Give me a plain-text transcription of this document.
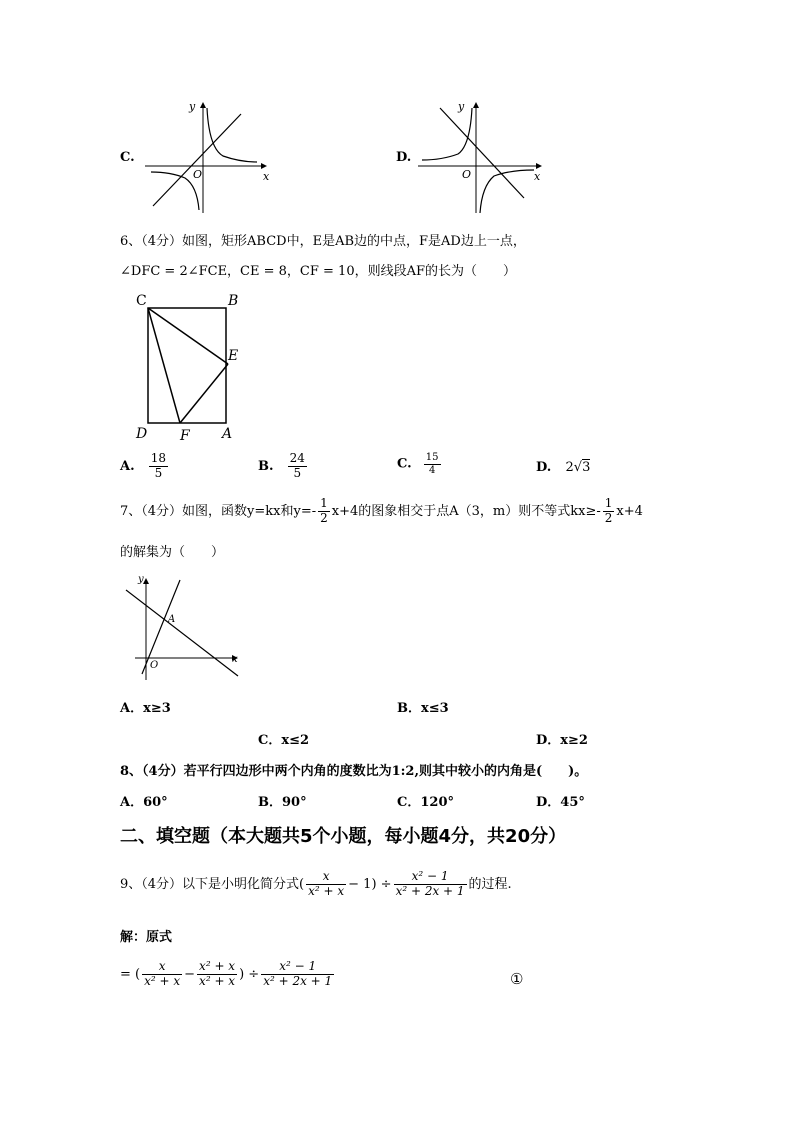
C.
y
x
O
D.
y
x
O
6、（4分）如图，矩形ABCD中，E是AB边的中点，F是AD边上一点，
∠DFC = 2∠FCE，CE = 8，CF = 10，则线段AF的长为（　　）
C	B
E
D F A
A. $\frac{18}{5}$	B. $\frac{24}{5}$	C. $\frac{15}{4}$	D. 2√3
7、（4分）如图，函数y=kx和$y=- \frac{1}{2} x+4$的图象相交于点A（3，m）则不等式$kx\ge- \frac{1}{2} x+4$
的解集为（　　）
y
x
A
O
A．x≥3	B．x≤3
C．x≤2	D．x≥2
8、（4分）若平行四边形中两个内角的度数比为1:2,则其中较小的内角是(　　)。
A．60°	B．90°	C．120°	D．45°
二、填空题（本大题共5个小题，每小题4分，共20分）
9、（4分）以下是小明化简分式( $\frac{x}{\text{x² + x}} - 1) \div \frac{\text{x² − 1}}{\text{x² + 2x + 1}}$ 的过程.
解：原式
= ( $\frac{x}{\text{x² + x}} - \frac{\text{x² + x}}{\text{x² + x}}$ ) ÷ $\frac{\text{x² − 1}}{\text{x² + 2x + 1}}$	①
